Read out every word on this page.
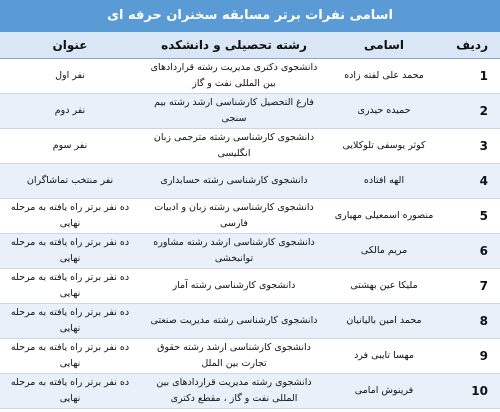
اسامی نفرات برتر مسابقه سخنران حرفه ای
ردیف	اسامی	رشته تحصیلی و دانشکده	عنوان
1	محمد علی لفته زاده	دانشجوی دکتری مدیریت رشته قراردادهای بین المللی نفت و گاز	نفر اول
2	حمیده حیدری	فارغ التحصیل کارشناسی ارشد رشته بیم سنجی	نفر دوم
3	کوثر یوسفی تلوکلایی	دانشجوی کارشناسی رشته مترجمی زبان انگلیسی	نفر سوم
4	الهه افتاده	دانشجوی کارشناسی رشته حسابداری	نفر منتخب تماشاگران
5	منصوره اسمعیلی مهیاری	دانشجوی کارشناسی رشته زبان و ادبیات فارسی	ده نفر برتر راه یافته به مرحله نهایی
6	مریم مالکی	دانشجوی کارشناسی ارشد رشته مشاوره توانبخشی	ده نفر برتر راه یافته به مرحله نهایی
7	ملیکا عین بهشتی	دانشجوی کارشناسی رشته آمار	ده نفر برتر راه یافته به مرحله نهایی
8	محمد امین بالیانیان	دانشجوی کارشناسی رشته مدیریت صنعتی	ده نفر برتر راه یافته به مرحله نهایی
9	مهسا تایبی فرد	دانشجوی کارشناسی ارشد رشته حقوق تجارت بین الملل	ده نفر برتر راه یافته به مرحله نهایی
10	فرینوش امامی	دانشجوی رشته مدیریت قراردادهای بین المللی نفت و گاز ، مقطع دکتری	ده نفر برتر راه یافته به مرحله نهایی
